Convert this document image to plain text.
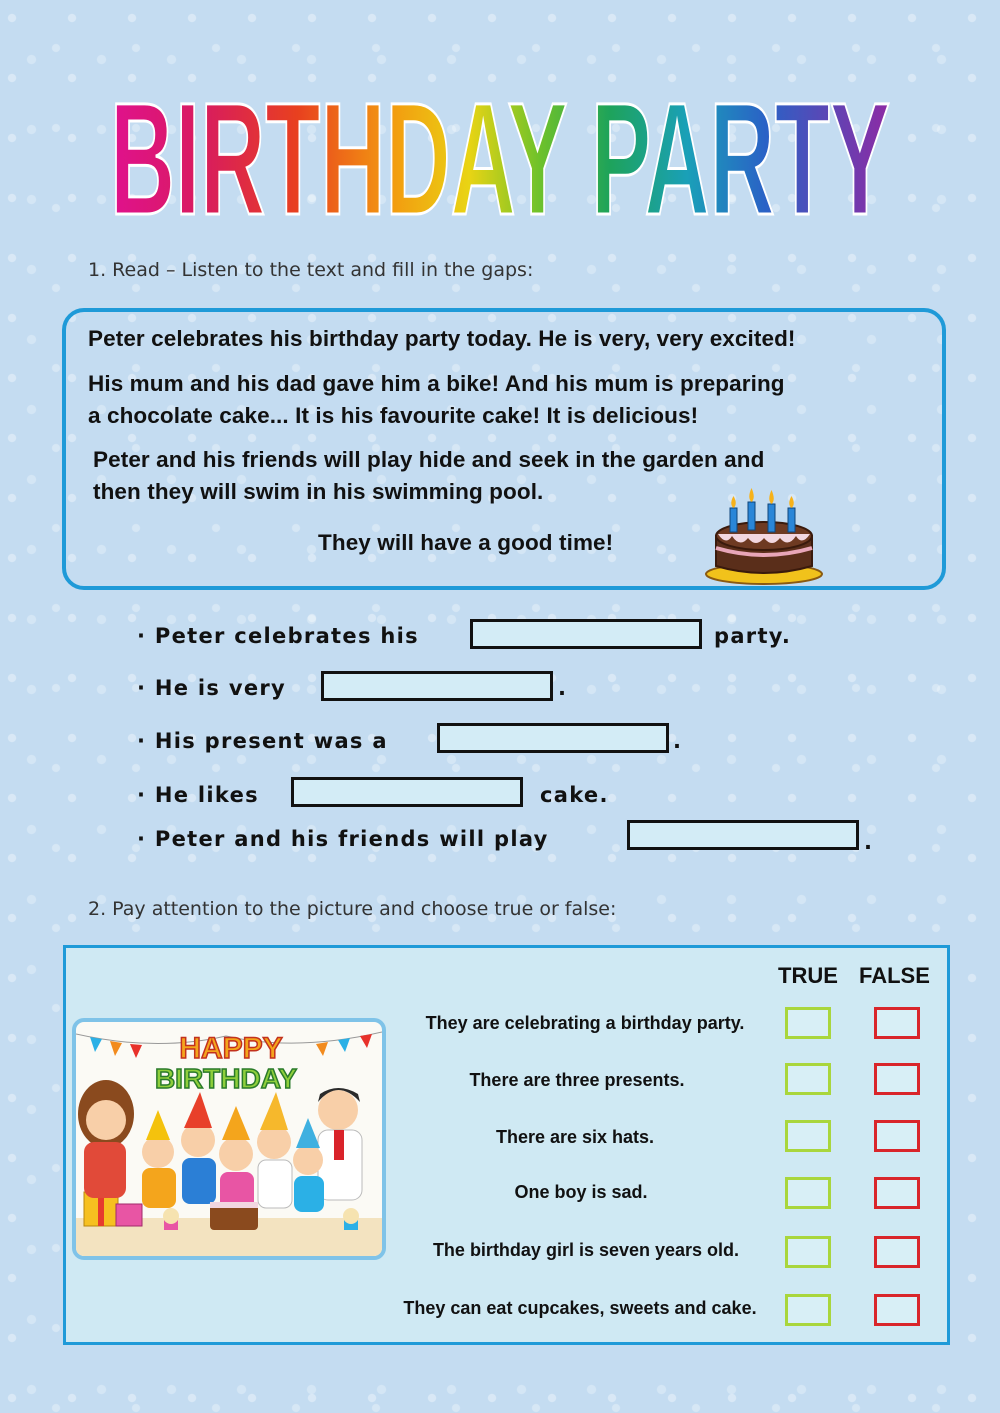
BIRTHDAY PARTY
1. Read – Listen to the text and fill in the gaps:
Peter celebrates his birthday party today. He is very, very excited!
His mum and his dad gave him a bike! And his mum is preparing
a chocolate cake... It is his favourite cake! It is delicious!
Peter and his friends will play hide and seek in the garden and
then they will swim in his swimming pool.
They will have a good time!
· Peter celebrates his	party.
· He is very	.
· His present was a	.
· He likes	cake.
· Peter and his friends will play	.
2. Pay attention to the picture and choose true or false:
TRUE FALSE
HAPPY
BIRTHDAY
They are celebrating a birthday party.
There are three presents.
There are six hats.
One boy is sad.
The birthday girl is seven years old.
They can eat cupcakes, sweets and cake.
